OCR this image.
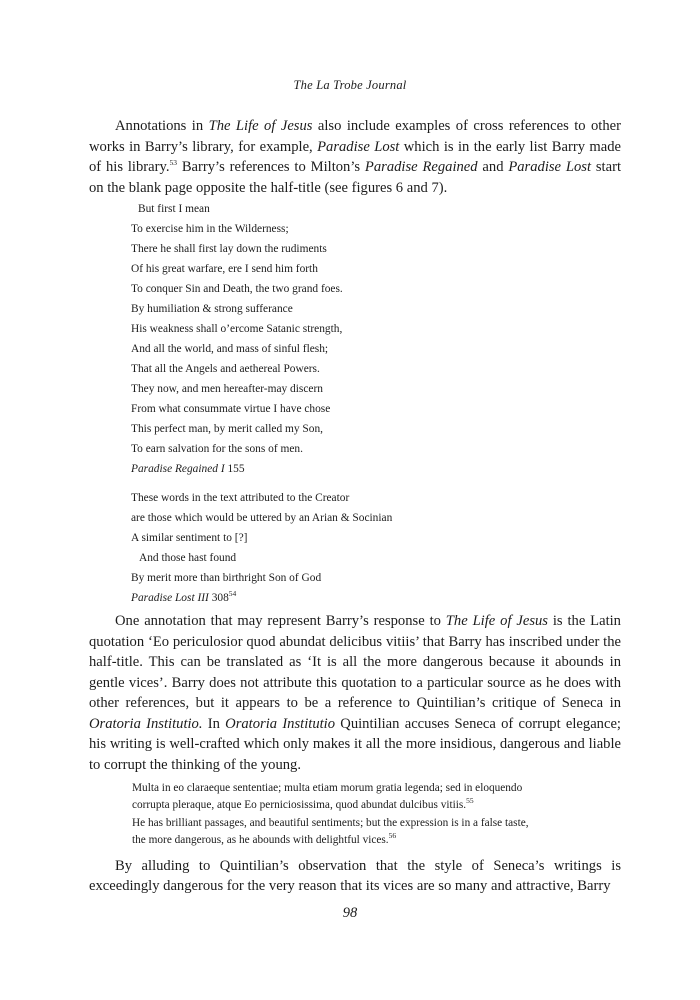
The La Trobe Journal

Annotations in The Life of Jesus also include examples of cross references to other works in Barry’s library, for example, Paradise Lost which is in the early list Barry made of his library.$^{53}$ Barry’s references to Milton’s Paradise Regained and Paradise Lost start on the blank page opposite the half-title (see figures 6 and 7).

But first I mean
To exercise him in the Wilderness;
There he shall first lay down the rudiments
Of his great warfare, ere I send him forth
To conquer Sin and Death, the two grand foes.
By humiliation & strong sufferance
His weakness shall o’ercome Satanic strength,
And all the world, and mass of sinful flesh;
That all the Angels and aethereal Powers.
They now, and men hereafter-may discern
From what consummate virtue I have chose
This perfect man, by merit called my Son,
To earn salvation for the sons of men.
Paradise Regained I 155
These words in the text attributed to the Creator
are those which would be uttered by an Arian & Socinian
A similar sentiment to [?]
And those hast found
By merit more than birthright Son of God
Paradise Lost III $308^{54}$

One annotation that may represent Barry’s response to The Life of Jesus is the Latin quotation ‘Eo periculosior quod abundat delicibus vitiis’ that Barry has inscribed under the half-title. This can be translated as ‘It is all the more dangerous because it abounds in gentle vices’. Barry does not attribute this quotation to a particular source as he does with other references, but it appears to be a reference to Quintilian’s critique of Seneca in Oratoria Institutio. In Oratoria Institutio Quintilian accuses Seneca of corrupt elegance; his writing is well-crafted which only makes it all the more insidious, dangerous and liable to corrupt the thinking of the young.

Multa in eo claraeque sententiae; multa etiam morum gratia legenda; sed in eloquendo
corrupta pleraque, atque Eo perniciosissima, quod abundat dulcibus vitiis.$^{55}$
He has brilliant passages, and beautiful sentiments; but the expression is in a false taste,
the more dangerous, as he abounds with delightful vices.$^{56}$

By alluding to Quintilian’s observation that the style of Seneca’s writings is exceedingly dangerous for the very reason that its vices are so many and attractive, Barry

98
